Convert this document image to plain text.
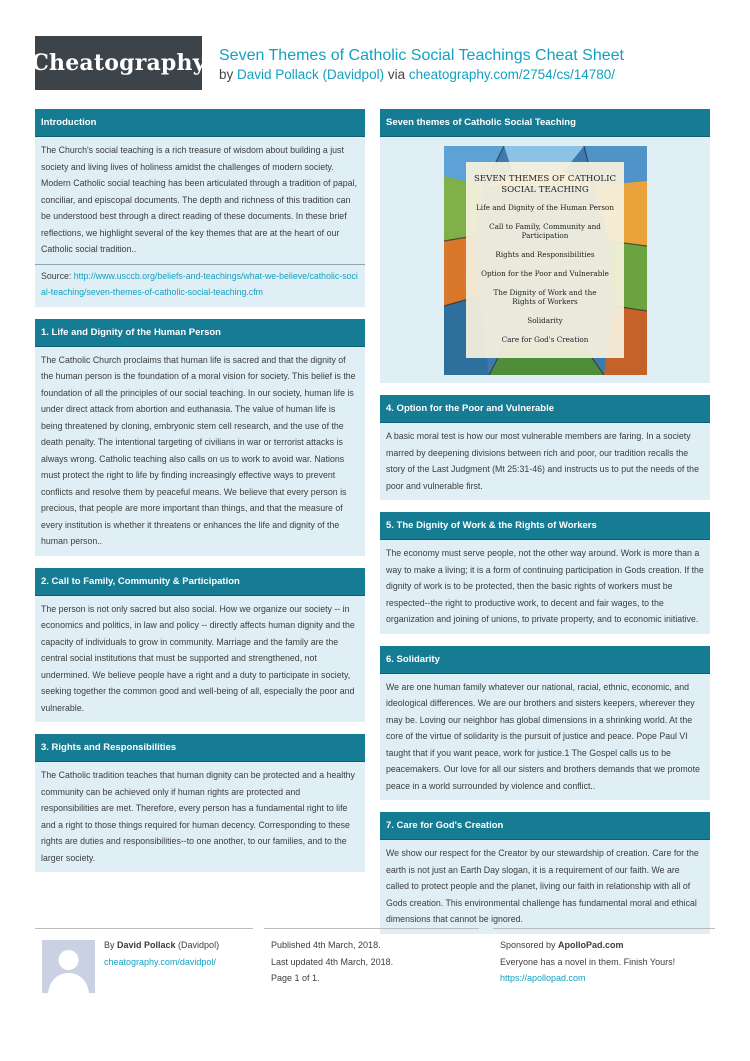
Cheatography Seven Themes of Catholic Social Teachings Cheat Sheet
by David Pollack (Davidpol) via cheatography.com/2754/cs/14780/
Introduction
The Church's social teaching is a rich treasure of wisdom about building a just society and living lives of holiness amidst the challenges of modern society. Modern Catholic social teaching has been articulated through a tradition of papal, conciliar, and episcopal documents. The depth and richness of this tradition can be understood best through a direct reading of these documents. In these brief reflections, we highlight several of the key themes that are at the heart of our Catholic social tradition..
Source: http://www.usccb.org/beliefs-and-teachings/what-we-believe/catholic-social-teaching/seven-themes-of-catholic-social-teaching.cfm
1. Life and Dignity of the Human Person
The Catholic Church proclaims that human life is sacred and that the dignity of the human person is the foundation of a moral vision for society. This belief is the foundation of all the principles of our social teaching. In our society, human life is under direct attack from abortion and euthanasia. The value of human life is being threatened by cloning, embryonic stem cell research, and the use of the death penalty. The intentional targeting of civilians in war or terrorist attacks is always wrong. Catholic teaching also calls on us to work to avoid war. Nations must protect the right to life by finding increasingly effective ways to prevent conflicts and resolve them by peaceful means. We believe that every person is precious, that people are more important than things, and that the measure of every institution is whether it threatens or enhances the life and dignity of the human person..
2. Call to Family, Community & Participation
The person is not only sacred but also social. How we organize our society -- in economics and politics, in law and policy -- directly affects human dignity and the capacity of individuals to grow in community. Marriage and the family are the central social institutions that must be supported and strengthened, not undermined. We believe people have a right and a duty to participate in society, seeking together the common good and well-being of all, especially the poor and vulnerable.
3. Rights and Responsibilities
The Catholic tradition teaches that human dignity can be protected and a healthy community can be achieved only if human rights are protected and responsibilities are met. Therefore, every person has a fundamental right to life and a right to those things required for human decency. Corresponding to these rights are duties and responsibilities--to one another, to our families, and to the larger society.
Seven themes of Catholic Social Teaching
SEVEN THEMES OF CATHOLIC
SOCIAL TEACHING
Life and Dignity of the Human Person
Call to Family, Community and
Participation
Rights and Responsibilities
Option for the Poor and Vulnerable
The Dignity of Work and the
Rights of Workers
Solidarity
Care for God's Creation
4. Option for the Poor and Vulnerable
A basic moral test is how our most vulnerable members are faring. In a society marred by deepening divisions between rich and poor, our tradition recalls the story of the Last Judgment (Mt 25:31-46) and instructs us to put the needs of the poor and vulnerable first.
5. The Dignity of Work & the Rights of Workers
The economy must serve people, not the other way around. Work is more than a way to make a living; it is a form of continuing participation in Gods creation. If the dignity of work is to be protected, then the basic rights of workers must be respected--the right to productive work, to decent and fair wages, to the organization and joining of unions, to private property, and to economic initiative.
6. Solidarity
We are one human family whatever our national, racial, ethnic, economic, and ideological differences. We are our brothers and sisters keepers, wherever they may be. Loving our neighbor has global dimensions in a shrinking world. At the core of the virtue of solidarity is the pursuit of justice and peace. Pope Paul VI taught that if you want peace, work for justice.1 The Gospel calls us to be peacemakers. Our love for all our sisters and brothers demands that we promote peace in a world surrounded by violence and conflict..
7. Care for God's Creation
We show our respect for the Creator by our stewardship of creation. Care for the earth is not just an Earth Day slogan, it is a requirement of our faith. We are called to protect people and the planet, living our faith in relationship with all of Gods creation. This environmental challenge has fundamental moral and ethical dimensions that cannot be ignored.
By David Pollack (Davidpol)
cheatography.com/davidpol/
Published 4th March, 2018.
Last updated 4th March, 2018.
Page 1 of 1.
Sponsored by ApolloPad.com
Everyone has a novel in them. Finish Yours!
https://apollopad.com
